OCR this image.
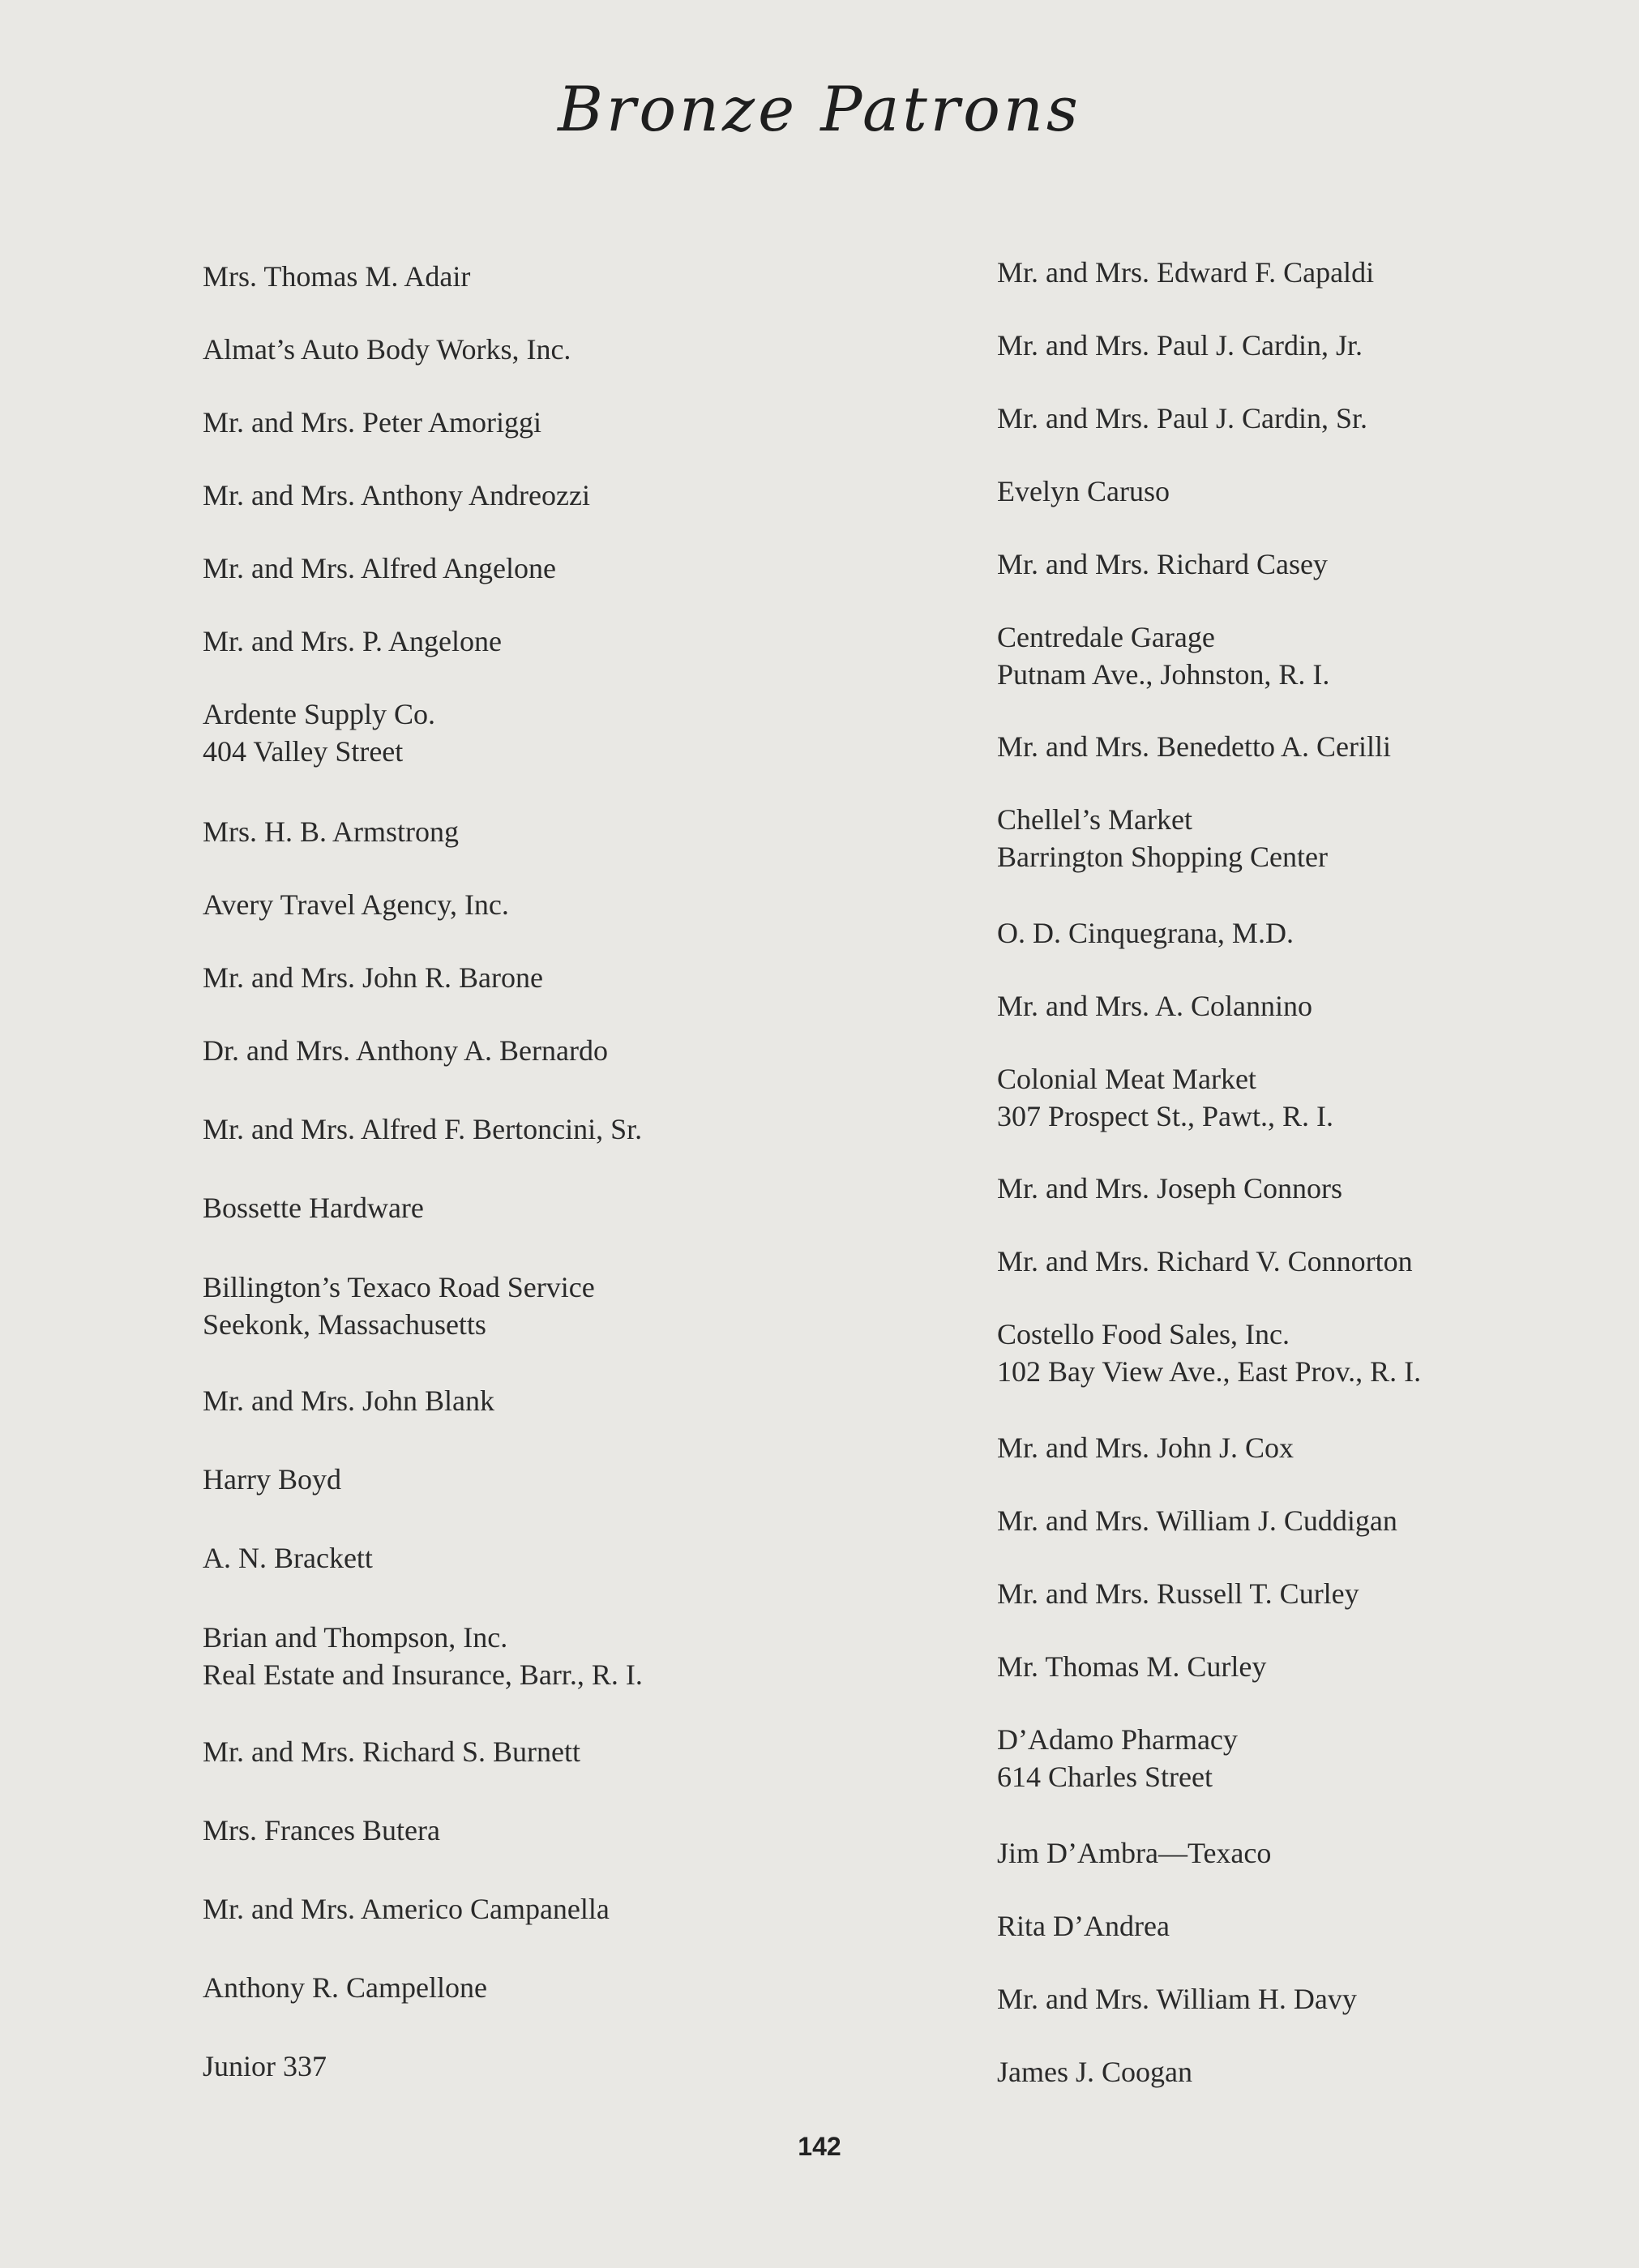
Bronze Patrons
Mrs. Thomas M. Adair
Almat’s Auto Body Works, Inc.
Mr. and Mrs. Peter Amoriggi
Mr. and Mrs. Anthony Andreozzi
Mr. and Mrs. Alfred Angelone
Mr. and Mrs. P. Angelone
Ardente Supply Co.
404 Valley Street
Mrs. H. B. Armstrong
Avery Travel Agency, Inc.
Mr. and Mrs. John R. Barone
Dr. and Mrs. Anthony A. Bernardo
Mr. and Mrs. Alfred F. Bertoncini, Sr.
Bossette Hardware
Billington’s Texaco Road Service
Seekonk, Massachusetts
Mr. and Mrs. John Blank
Harry Boyd
A. N. Brackett
Brian and Thompson, Inc.
Real Estate and Insurance, Barr., R. I.
Mr. and Mrs. Richard S. Burnett
Mrs. Frances Butera
Mr. and Mrs. Americo Campanella
Anthony R. Campellone
Junior 337
Mr. and Mrs. Edward F. Capaldi
Mr. and Mrs. Paul J. Cardin, Jr.
Mr. and Mrs. Paul J. Cardin, Sr.
Evelyn Caruso
Mr. and Mrs. Richard Casey
Centredale Garage
Putnam Ave., Johnston, R. I.
Mr. and Mrs. Benedetto A. Cerilli
Chellel’s Market
Barrington Shopping Center
O. D. Cinquegrana, M.D.
Mr. and Mrs. A. Colannino
Colonial Meat Market
307 Prospect St., Pawt., R. I.
Mr. and Mrs. Joseph Connors
Mr. and Mrs. Richard V. Connorton
Costello Food Sales, Inc.
102 Bay View Ave., East Prov., R. I.
Mr. and Mrs. John J. Cox
Mr. and Mrs. William J. Cuddigan
Mr. and Mrs. Russell T. Curley
Mr. Thomas M. Curley
D’Adamo Pharmacy
614 Charles Street
Jim D’Ambra—Texaco
Rita D’Andrea
Mr. and Mrs. William H. Davy
James J. Coogan
142
